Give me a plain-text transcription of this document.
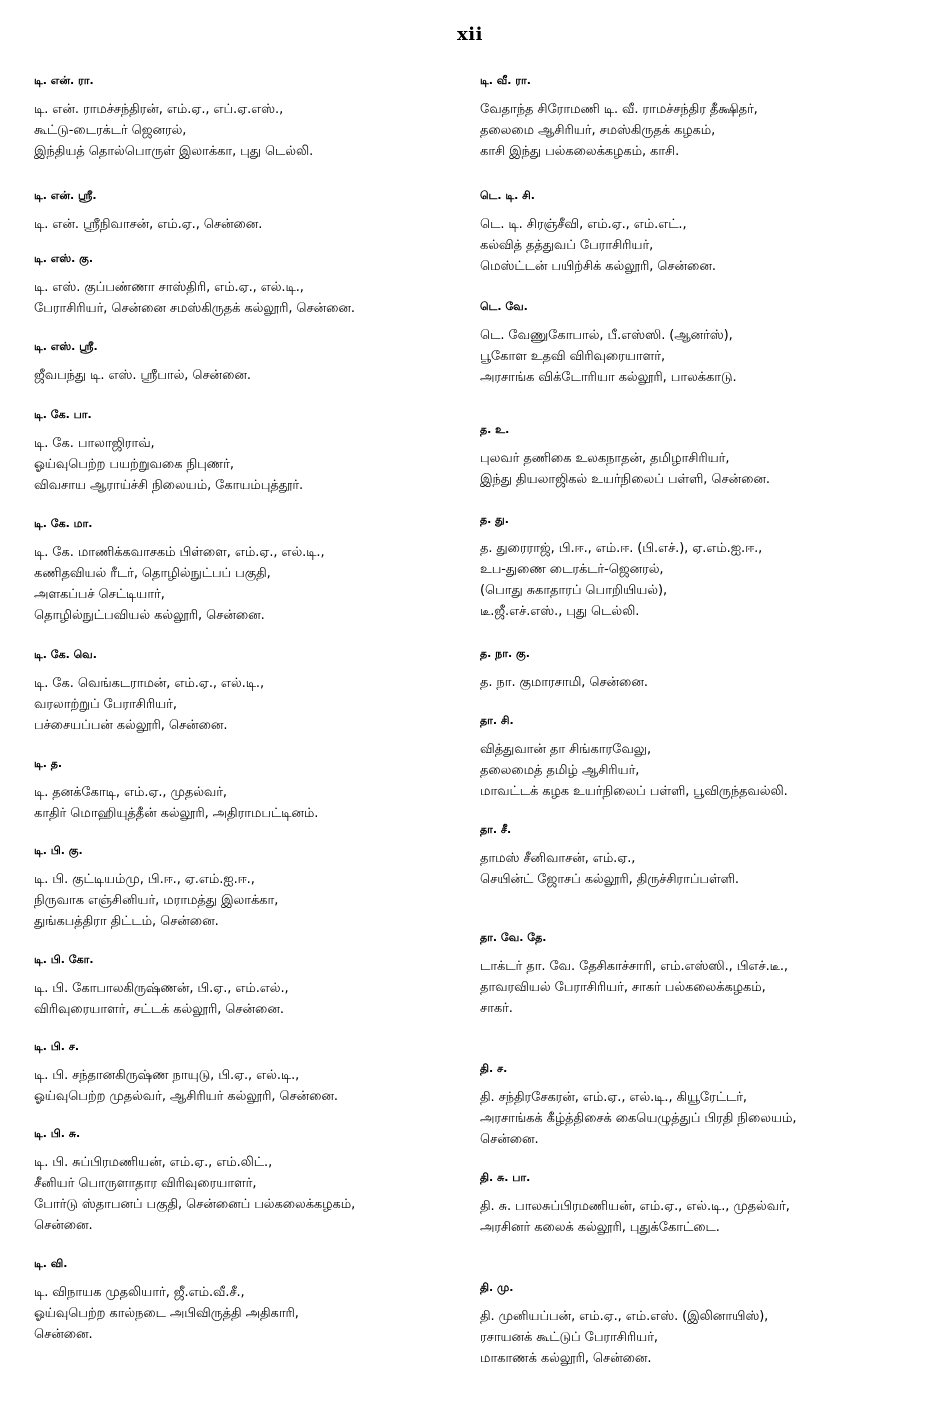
xii
டி. என். ரா.
டி. என். ராமச்சந்திரன், எம்.ஏ., எப்.ஏ.எஸ்.,
கூட்டு-டைரக்டர் ஜெனரல்,
இந்தியத் தொல்பொருள் இலாக்கா, புது டெல்லி.
டி. என். ஸ்ரீ.
டி. என். ஸ்ரீநிவாசன், எம்.ஏ., சென்னை.
டி. எஸ். கு.
டி. எஸ். குப்பண்ணா சாஸ்திரி, எம்.ஏ., எல்.டி.,
பேராசிரியர், சென்னை சமஸ்கிருதக் கல்லூரி, சென்னை.
டி. எஸ். ஸ்ரீ.
ஜீவபந்து டி. எஸ். ஸ்ரீபால், சென்னை.
டி. கே. பா.
டி. கே. பாலாஜிராவ்,
ஓய்வுபெற்ற பயற்றுவகை நிபுணர்,
விவசாய ஆராய்ச்சி நிலையம், கோயம்புத்தூர்.
டி. கே. மா.
டி. கே. மாணிக்கவாசகம் பிள்ளை, எம்.ஏ., எல்.டி.,
கணிதவியல் ரீடர், தொழில்நுட்பப் பகுதி,
அளகப்பச் செட்டியார்,
தொழில்நுட்பவியல் கல்லூரி, சென்னை.
டி. கே. வெ.
டி. கே. வெங்கடராமன், எம்.ஏ., எல்.டி.,
வரலாற்றுப் பேராசிரியர்,
பச்சையப்பன் கல்லூரி, சென்னை.
டி. த.
டி. தனக்கோடி, எம்.ஏ., முதல்வர்,
காதிர் மொஹியுத்தீன் கல்லூரி, அதிராமபட்டினம்.
டி. பி. கு.
டி. பி. குட்டியம்மு, பி.ஈ., ஏ.எம்.ஐ.ஈ.,
நிருவாக எஞ்சினியர், மராமத்து இலாக்கா,
துங்கபத்திரா திட்டம், சென்னை.
டி. பி. கோ.
டி. பி. கோபாலகிருஷ்ணன், பி.ஏ., எம்.எல்.,
விரிவுரையாளர், சட்டக் கல்லூரி, சென்னை.
டி. பி. ச.
டி. பி. சந்தானகிருஷ்ண நாயுடு, பி.ஏ., எல்.டி.,
ஓய்வுபெற்ற முதல்வர், ஆசிரியர் கல்லூரி, சென்னை.
டி. பி. சு.
டி. பி. சுப்பிரமணியன், எம்.ஏ., எம்.லிட்.,
சீனியர் பொருளாதார விரிவுரையாளர்,
போர்டு ஸ்தாபனப் பகுதி, சென்னைப் பல்கலைக்கழகம்,
சென்னை.
டி. வி.
டி. விநாயக முதலியார், ஜீ.எம்.வீ.சீ.,
ஓய்வுபெற்ற கால்நடை அபிவிருத்தி அதிகாரி,
சென்னை.
டி. வீ. ரா.
வேதாந்த சிரோமணி டி. வீ. ராமச்சந்திர தீக்ஷிதர்,
தலைமை ஆசிரியர், சமஸ்கிருதக் கழகம்,
காசி இந்து பல்கலைக்கழகம், காசி.
டெ. டி. சி.
டெ. டி. சிரஞ்சீவி, எம்.ஏ., எம்.எட்.,
கல்வித் தத்துவப் பேராசிரியர்,
மெஸ்ட்டன் பயிற்சிக் கல்லூரி, சென்னை.
டெ. வே.
டெ. வேணுகோபால், பீ.எஸ்ஸி. (ஆனர்ஸ்),
பூகோள உதவி விரிவுரையாளர்,
அரசாங்க விக்டோரியா கல்லூரி, பாலக்காடு.
த. உ.
புலவர் தணிகை உலகநாதன், தமிழாசிரியர்,
இந்து தியலாஜிகல் உயர்நிலைப் பள்ளி, சென்னை.
த. து.
த. துரைராஜ், பி.ஈ., எம்.ஈ. (பி.எச்.), ஏ.எம்.ஐ.ஈ.,
உப-துணை டைரக்டர்-ஜெனரல்,
(பொது சுகாதாரப் பொறியியல்),
டீ.ஜீ.எச்.எஸ்., புது டெல்லி.
த. நா. கு.
த. நா. குமாரசாமி, சென்னை.
தா. சி.
வித்துவான் தா சிங்காரவேலு,
தலைமைத் தமிழ் ஆசிரியர்,
மாவட்டக் கழக உயர்நிலைப் பள்ளி, பூவிருந்தவல்லி.
தா. சீ.
தாமஸ் சீனிவாசன், எம்.ஏ.,
செயின்ட் ஜோசப் கல்லூரி, திருச்சிராப்பள்ளி.
தா. வே. தே.
டாக்டர் தா. வே. தேசிகாச்சாரி, எம்.எஸ்ஸி., பிஎச்.டீ.,
தாவரவியல் பேராசிரியர், சாகர் பல்கலைக்கழகம்,
சாகர்.
தி. ச.
தி. சந்திரசேகரன், எம்.ஏ., எல்.டி., கியூரேட்டர்,
அரசாங்கக் கீழ்த்திசைக் கையெழுத்துப் பிரதி நிலையம்,
சென்னை.
தி. சு. பா.
தி. சு. பாலசுப்பிரமணியன், எம்.ஏ., எல்.டி., முதல்வர்,
அரசினர் கலைக் கல்லூரி, புதுக்கோட்டை.
தி. மு.
தி. முனியப்பன், எம்.ஏ., எம்.எஸ். (இலினாயிஸ்),
ரசாயனக் கூட்டுப் பேராசிரியர்,
மாகாணக் கல்லூரி, சென்னை.
